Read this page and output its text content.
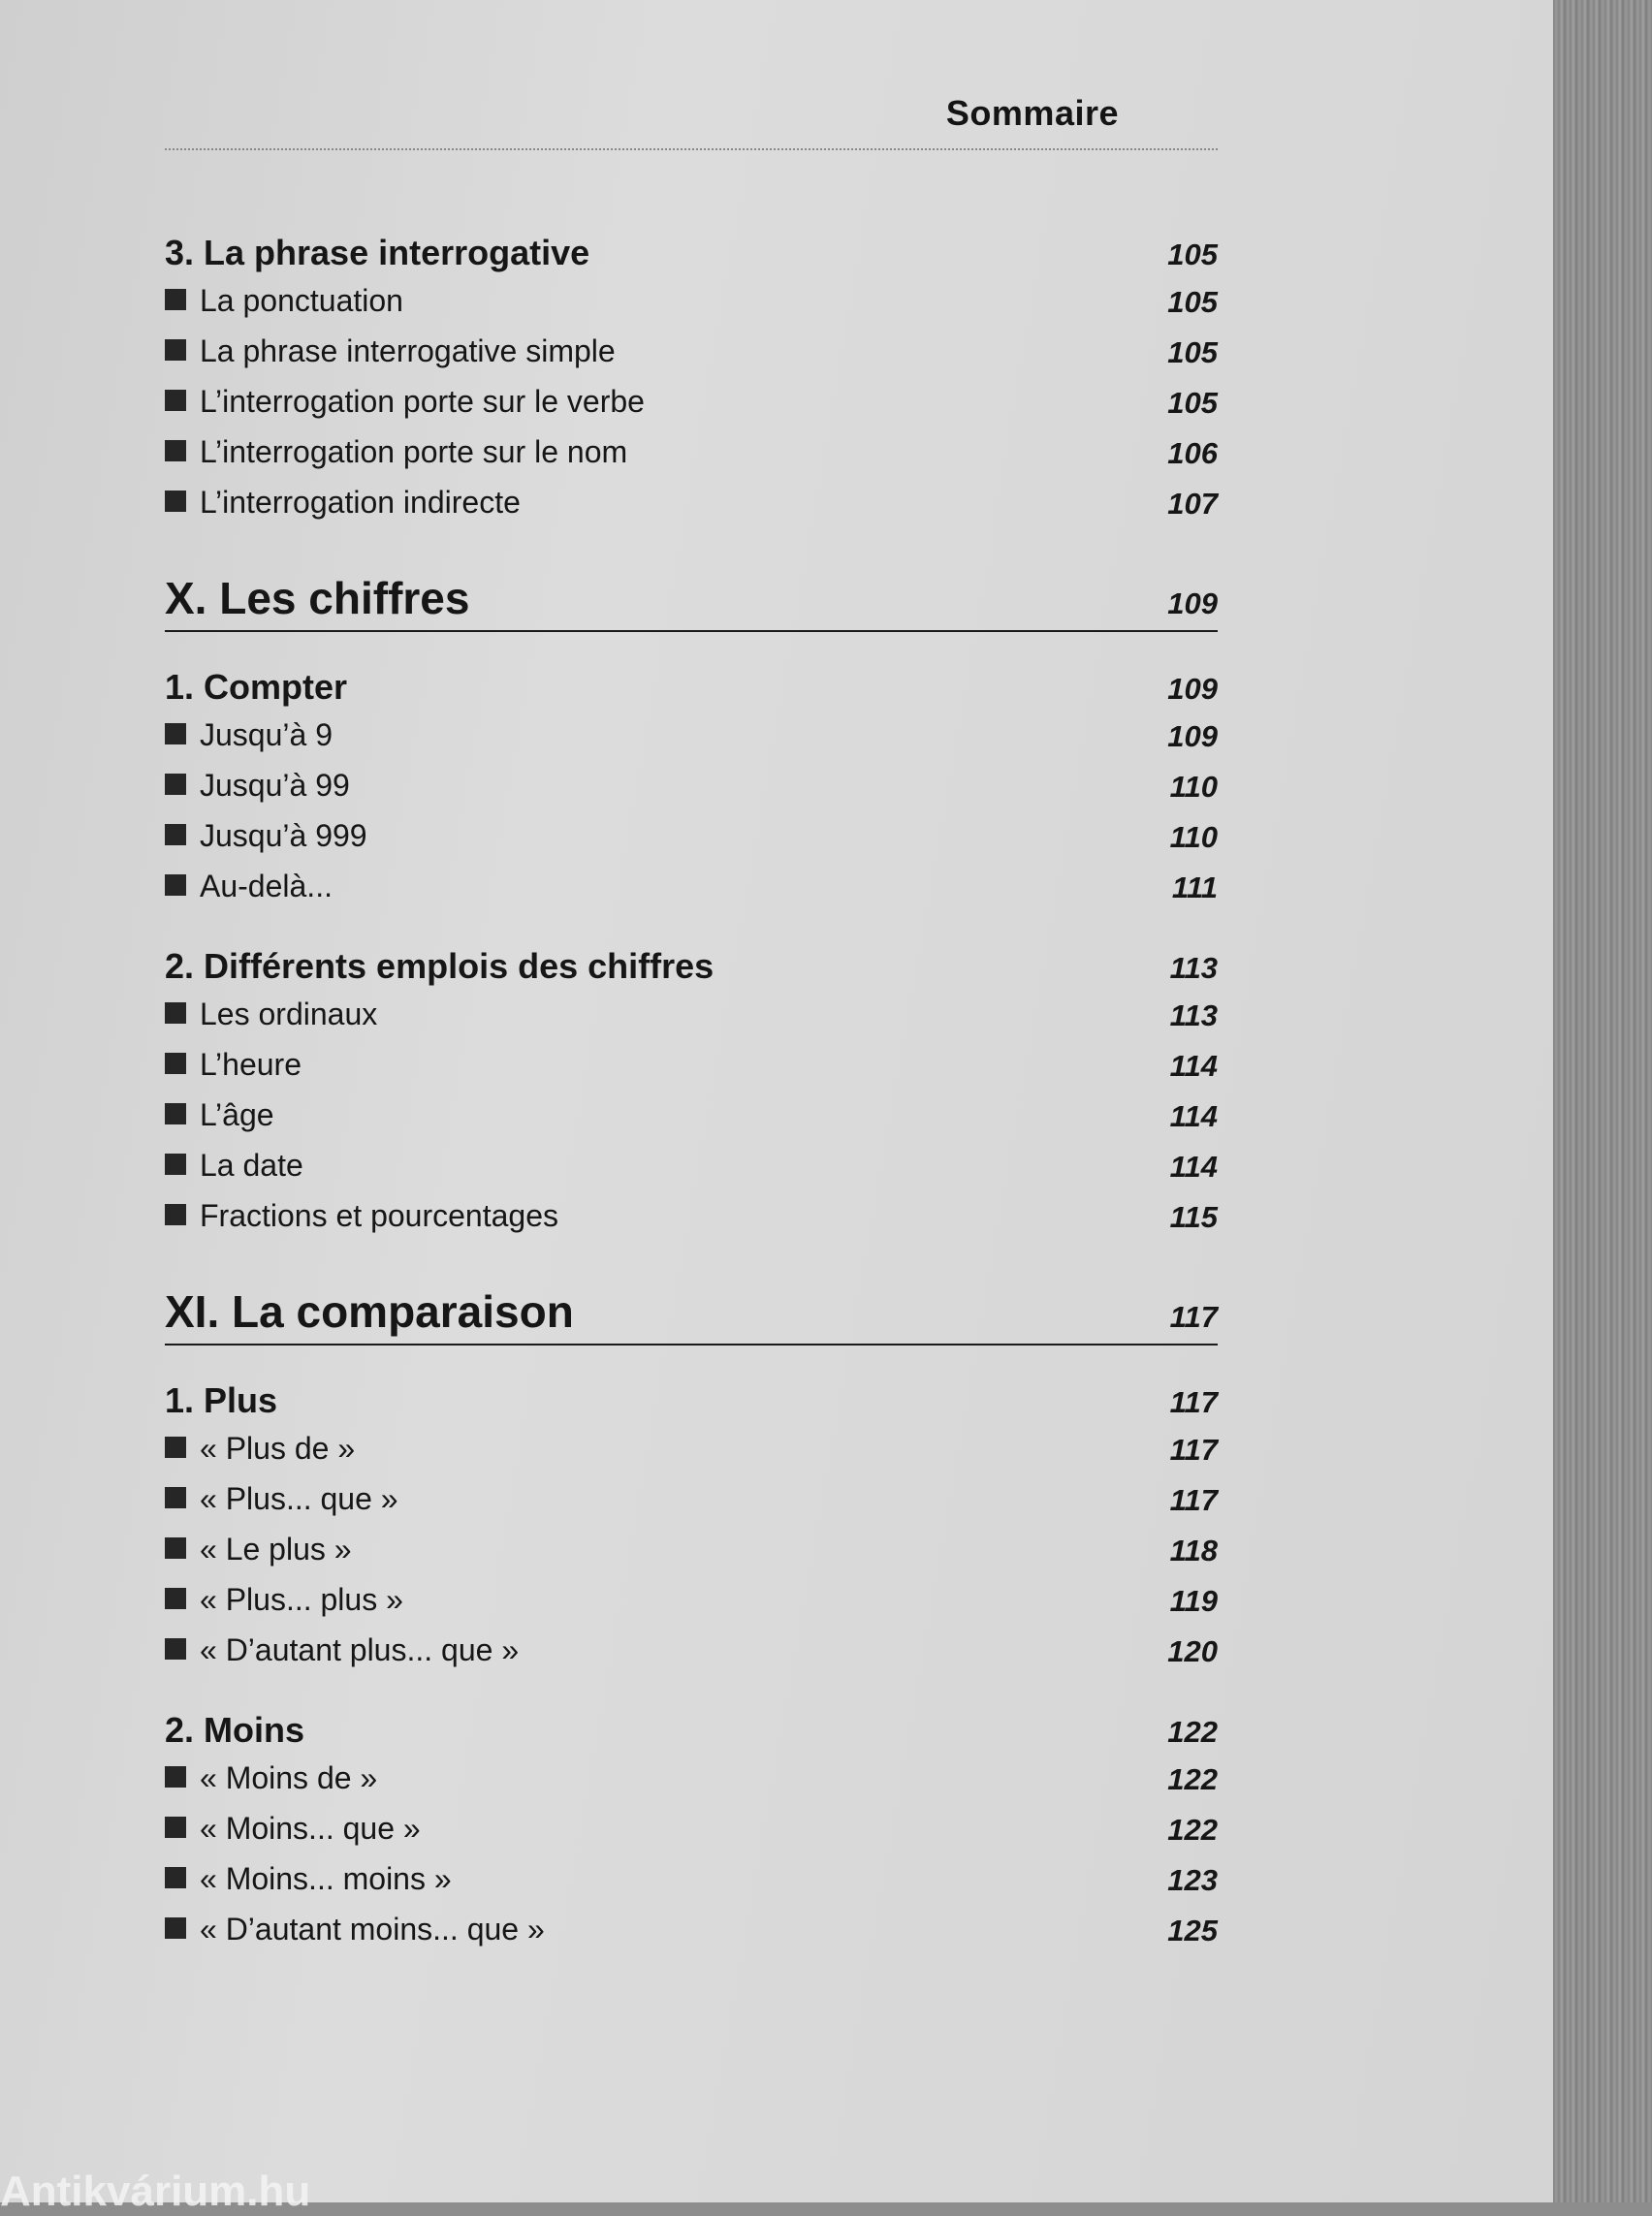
Sommaire
3. La phrase interrogative	105
La ponctuation	105
La phrase interrogative simple	105
L’interrogation porte sur le verbe	105
L’interrogation porte sur le nom	106
L’interrogation indirecte	107
X. Les chiffres	109
1. Compter	109
Jusqu’à 9	109
Jusqu’à 99	110
Jusqu’à 999	110
Au-delà...	111
2. Différents emplois des chiffres	113
Les ordinaux	113
L’heure	114
L’âge	114
La date	114
Fractions et pourcentages	115
XI. La comparaison	117
1. Plus	117
« Plus de »	117
« Plus... que »	117
« Le plus »	118
« Plus... plus »	119
« D’autant plus... que »	120
2. Moins	122
« Moins de »	122
« Moins... que »	122
« Moins... moins »	123
« D’autant moins... que »	125
Antikvárium.hu
